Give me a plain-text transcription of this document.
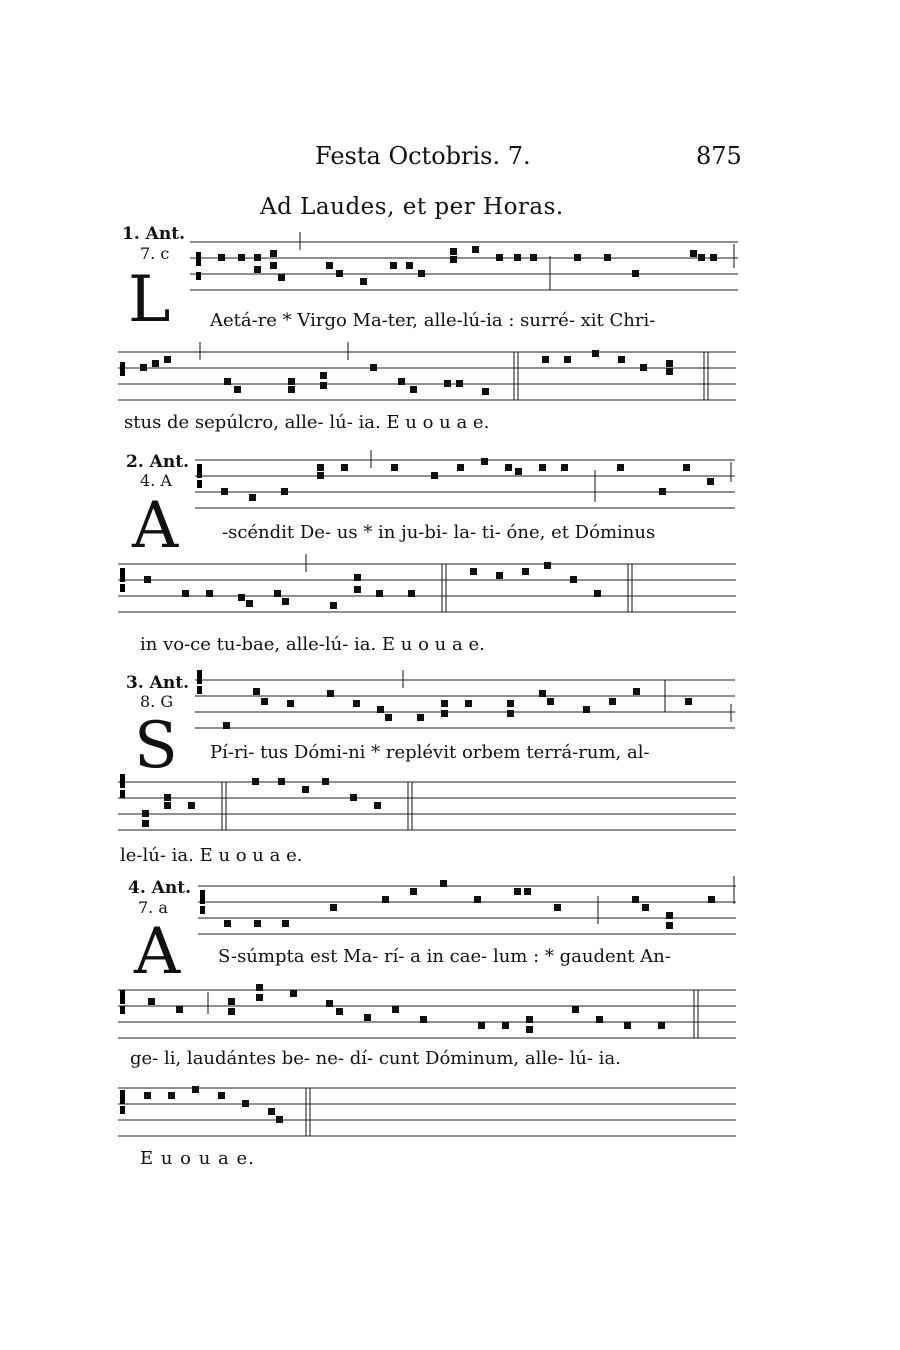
Festa Octobris. 7.	875
Ad Laudes, et per Horas.
1. Ant.
7. c
L Aetá-re * Virgo Ma-ter, alle-lú-ia : surré- xit Chri-
stus de sepúlcro, alle- lú- ia. E u o u a e.
2. Ant.
4. A
A -scéndit De- us * in ju-bi- la- ti- óne, et Dóminus
in vo-ce tu-bae, alle-lú- ia. E u o u a e.
3. Ant.
8. G
S Pí-ri- tus Dómi-ni * replévit orbem terrá-rum, al-
le-lú- ia. E u o u a e.
4. Ant.
7. a
A S-súmpta est Ma- rí- a in cae- lum : * gaudent An-
ge- li, laudántes be- ne- dí- cunt Dóminum, alle- lú- ia.
E u o u a e.
